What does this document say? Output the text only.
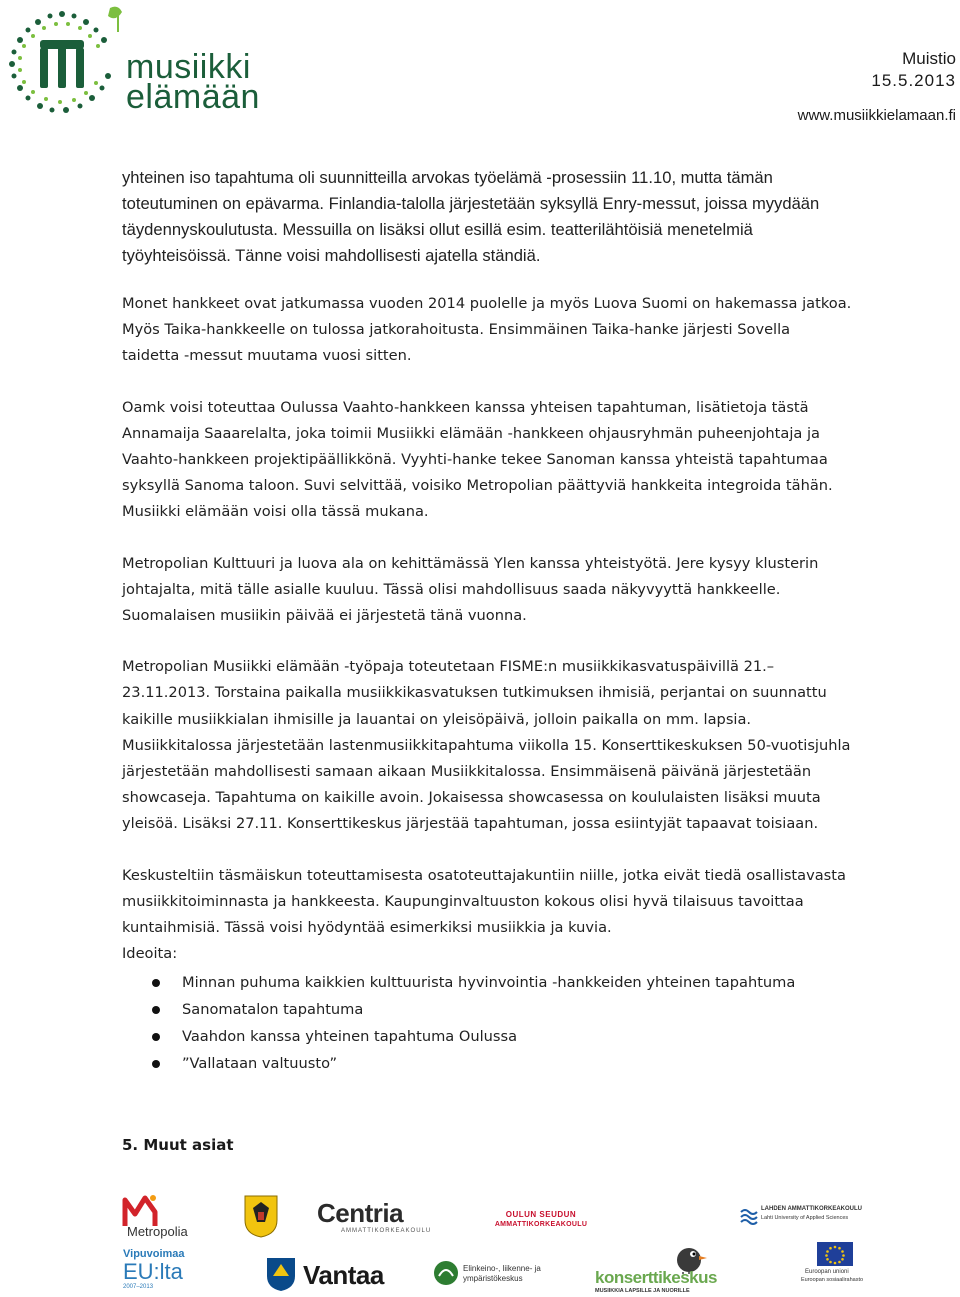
musiikki
elämään
Muistio
15.5.2013
www.musiikkielamaan.fi

yhteinen iso tapahtuma oli suunnitteilla arvokas työelämä -prosessiin 11.10, mutta tämän toteutuminen on epävarma. Finlandia-talolla järjestetään syksyllä Enry-messut, joissa myydään täydennyskoulutusta. Messuilla on lisäksi ollut esillä esim. teatterilähtöisiä menetelmiä työyhteisöissä. Tänne voisi mahdollisesti ajatella ständiä.

Monet hankkeet ovat jatkumassa vuoden 2014 puolelle ja myös Luova Suomi on hakemassa jatkoa. Myös Taika-hankkeelle on tulossa jatkorahoitusta. Ensimmäinen Taika-hanke järjesti Sovella taidetta -messut muutama vuosi sitten.

Oamk voisi toteuttaa Oulussa Vaahto-hankkeen kanssa yhteisen tapahtuman, lisätietoja tästä Annamaija Saaarelalta, joka toimii Musiikki elämään -hankkeen ohjausryhmän puheenjohtaja ja Vaahto-hankkeen projektipäällikkönä. Vyyhti-hanke tekee Sanoman kanssa yhteistä tapahtumaa syksyllä Sanoma taloon. Suvi selvittää, voisiko Metropolian päättyviä hankkeita integroida tähän. Musiikki elämään voisi olla tässä mukana.

Metropolian Kulttuuri ja luova ala on kehittämässä Ylen kanssa yhteistyötä. Jere kysyy klusterin johtajalta, mitä tälle asialle kuuluu. Tässä olisi mahdollisuus saada näkyvyyttä hankkeelle. Suomalaisen musiikin päivää ei järjestetä tänä vuonna.

Metropolian Musiikki elämään -työpaja toteutetaan FISME:n musiikkikasvatuspäivillä 21.–23.11.2013. Torstaina paikalla musiikkikasvatuksen tutkimuksen ihmisiä, perjantai on suunnattu kaikille musiikkialan ihmisille ja lauantai on yleisöpäivä, jolloin paikalla on mm. lapsia. Musiikkitalossa järjestetään lastenmusiikkitapahtuma viikolla 15. Konserttikeskuksen 50-vuotisjuhla järjestetään mahdollisesti samaan aikaan Musiikkitalossa. Ensimmäisenä päivänä järjestetään showcaseja. Tapahtuma on kaikille avoin. Jokaisessa showcasessa on koululaisten lisäksi muuta yleisöä. Lisäksi 27.11. Konserttikeskus järjestää tapahtuman, jossa esiintyjät tapaavat toisiaan.

Keskusteltiin täsmäiskun toteuttamisesta osatoteuttajakuntiin niille, jotka eivät tiedä osallistavasta musiikkitoiminnasta ja hankkeesta. Kaupunginvaltuuston kokous olisi hyvä tilaisuus tavoittaa kuntaihmisiä. Tässä voisi hyödyntää esimerkiksi musiikkia ja kuvia.

Ideoita:
Minnan puhuma kaikkien kulttuurista hyvinvointia -hankkeiden yhteinen tapahtuma
Sanomatalon tapahtuma
Vaahdon kanssa yhteinen tapahtuma Oulussa
”Vallataan valtuusto”
5. Muut asiat
Metropolia
Centria
AMMATTIKORKEAKOULU
OULUN SEUDUN
AMMATTIKORKEAKOULU
LAHDEN AMMATTIKORKEAKOULU
Lahti University of Applied Sciences
Vipuvoimaa
EU:lta
2007–2013	Vantaa	Elinkeino-, liikenne- ja
ympäristökeskus	konserttikeskus
MUSIIKKIA LAPSILLE JA NUORILLE
Euroopan unioni
Euroopan sosiaalirahasto
